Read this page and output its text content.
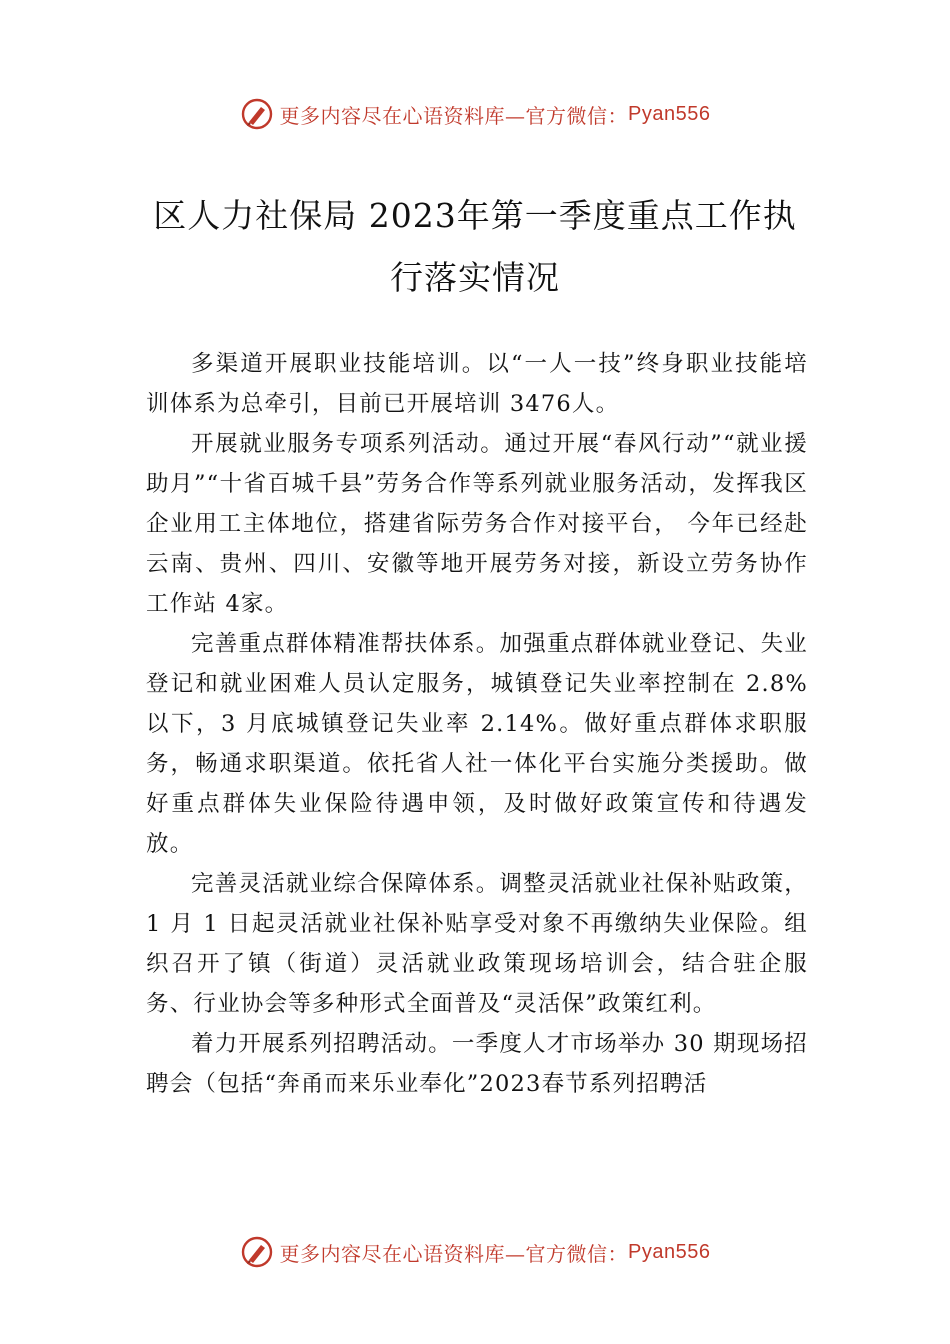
更多内容尽在心语资料库—官方微信： Pyan556
区人力社保局 2023年第一季度重点工作执
行落实情况

多渠道开展职业技能培训。以“一人一技”终身职业技能培训体系为总牵引，目前已开展培训 3476人。

开展就业服务专项系列活动。通过开展“春风行动”“就业援助月”“十省百城千县”劳务合作等系列就业服务活动，发挥我区企业用工主体地位，搭建省际劳务合作对接平台， 今年已经赴云南、贵州、四川、安徽等地开展劳务对接，新设立劳务协作工作站 4家。

完善重点群体精准帮扶体系。加强重点群体就业登记、失业登记和就业困难人员认定服务，城镇登记失业率控制在 2.8%以下，3 月底城镇登记失业率 2.14%。做好重点群体求职服务，畅通求职渠道。依托省人社一体化平台实施分类援助。做好重点群体失业保险待遇申领，及时做好政策宣传和待遇发放。

完善灵活就业综合保障体系。调整灵活就业社保补贴政策，1 月 1 日起灵活就业社保补贴享受对象不再缴纳失业保险。组织召开了镇（街道）灵活就业政策现场培训会，结合驻企服务、行业协会等多种形式全面普及“灵活保”政策红利。

着力开展系列招聘活动。一季度人才市场举办 30 期现场招聘会（包括“奔甬而来乐业奉化”2023春节系列招聘活

更多内容尽在心语资料库—官方微信： Pyan556
